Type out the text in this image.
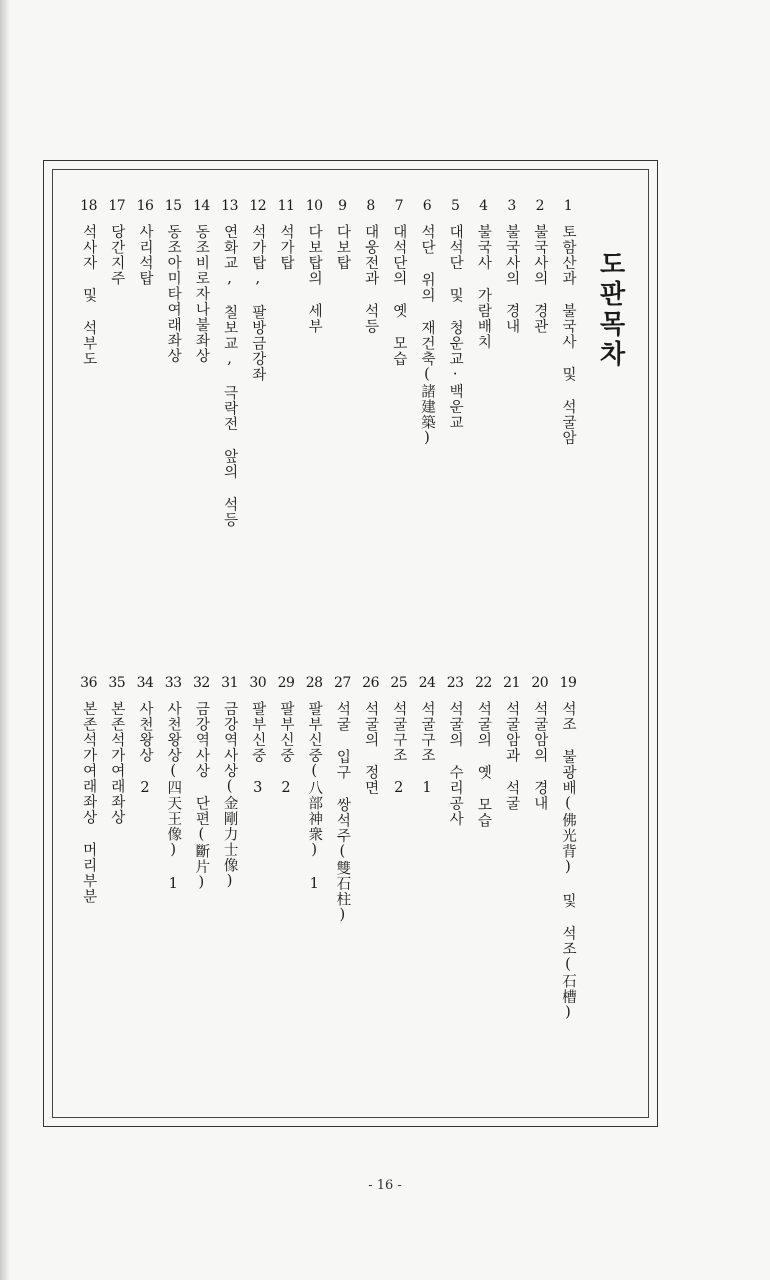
도판목차
1
토함산과 불국사 및 석굴암
2
불국사의 경관
3
불국사의 경내
4
불국사 가람배치
5
대석단 및 청운교·백운교
6
석단 위의 재건축(諸建築)
7
대석단의 옛 모습
8
대웅전과 석등
9
다보탑
10
다보탑의 세부
11
석가탑
12
석가탑, 팔방금강좌
13
연화교, 칠보교, 극락전 앞의 석등
14
동조비로자나불좌상
15
동조아미타여래좌상
16
사리석탑
17
당간지주
18
석사자 및 석부도
19
석조 불광배(佛光背) 및 석조(石槽)
20
석굴암의 경내
21
석굴암과 석굴
22
석굴의 옛 모습
23
석굴의 수리공사
24
석굴구조 1
25
석굴구조 2
26
석굴의 정면
27
석굴 입구 쌍석주(雙石柱)
28
팔부신중(八部神衆) 1
29
팔부신중 2
30
팔부신중 3
31
금강역사상(金剛力士像)
32
금강역사상 단편(斷片)
33
사천왕상(四天王像) 1
34
사천왕상 2
35
본존석가여래좌상
36
본존석가여래좌상 머리부분
- 16 -
